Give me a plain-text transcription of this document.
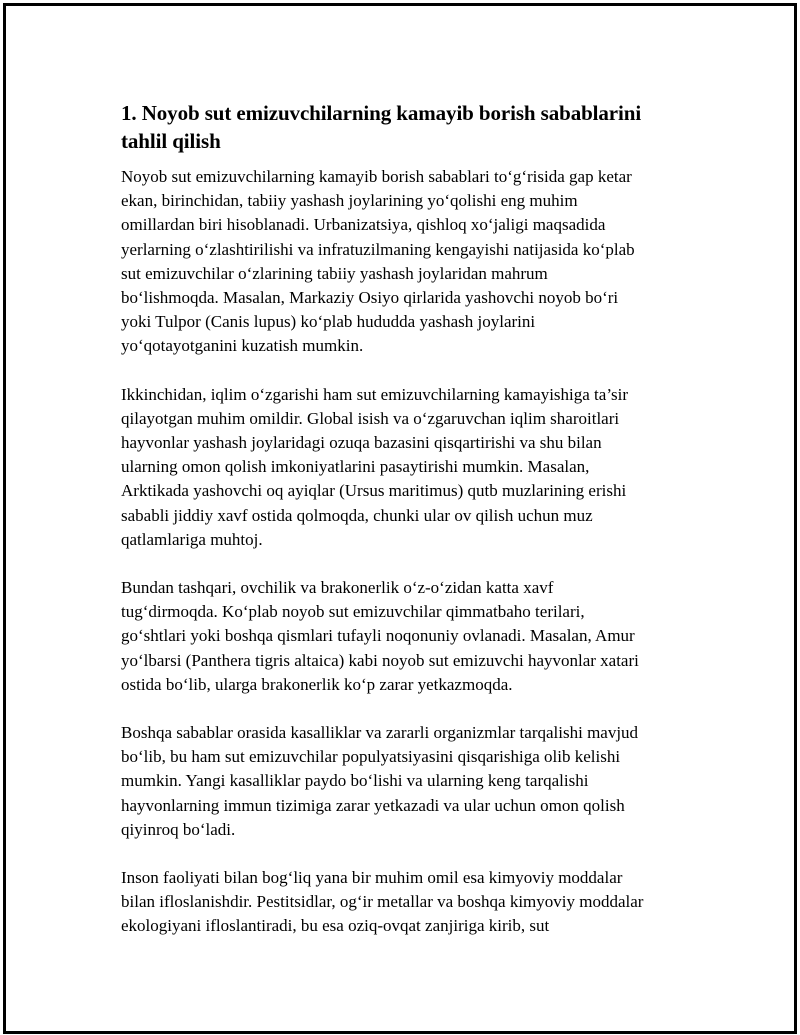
1. Noyob sut emizuvchilarning kamayib borish sabablarini
tahlil qilish

Noyob sut emizuvchilarning kamayib borish sabablari to‘g‘risida gap ketar
ekan, birinchidan, tabiiy yashash joylarining yo‘qolishi eng muhim
omillardan biri hisoblanadi. Urbanizatsiya, qishloq xo‘jaligi maqsadida
yerlarning o‘zlashtirilishi va infratuzilmaning kengayishi natijasida ko‘plab
sut emizuvchilar o‘zlarining tabiiy yashash joylaridan mahrum
bo‘lishmoqda. Masalan, Markaziy Osiyo qirlarida yashovchi noyob bo‘ri
yoki Tulpor (Canis lupus) ko‘plab hududda yashash joylarini
yo‘qotayotganini kuzatish mumkin.

Ikkinchidan, iqlim o‘zgarishi ham sut emizuvchilarning kamayishiga ta’sir
qilayotgan muhim omildir. Global isish va o‘zgaruvchan iqlim sharoitlari
hayvonlar yashash joylaridagi ozuqa bazasini qisqartirishi va shu bilan
ularning omon qolish imkoniyatlarini pasaytirishi mumkin. Masalan,
Arktikada yashovchi oq ayiqlar (Ursus maritimus) qutb muzlarining erishi
sababli jiddiy xavf ostida qolmoqda, chunki ular ov qilish uchun muz
qatlamlariga muhtoj.

Bundan tashqari, ovchilik va brakonerlik o‘z-o‘zidan katta xavf
tug‘dirmoqda. Ko‘plab noyob sut emizuvchilar qimmatbaho terilari,
go‘shtlari yoki boshqa qismlari tufayli noqonuniy ovlanadi. Masalan, Amur
yo‘lbarsi (Panthera tigris altaica) kabi noyob sut emizuvchi hayvonlar xatari
ostida bo‘lib, ularga brakonerlik ko‘p zarar yetkazmoqda.

Boshqa sabablar orasida kasalliklar va zararli organizmlar tarqalishi mavjud
bo‘lib, bu ham sut emizuvchilar populyatsiyasini qisqarishiga olib kelishi
mumkin. Yangi kasalliklar paydo bo‘lishi va ularning keng tarqalishi
hayvonlarning immun tizimiga zarar yetkazadi va ular uchun omon qolish
qiyinroq bo‘ladi.

Inson faoliyati bilan bog‘liq yana bir muhim omil esa kimyoviy moddalar
bilan ifloslanishdir. Pestitsidlar, og‘ir metallar va boshqa kimyoviy moddalar
ekologiyani ifloslantiradi, bu esa oziq-ovqat zanjiriga kirib, sut
